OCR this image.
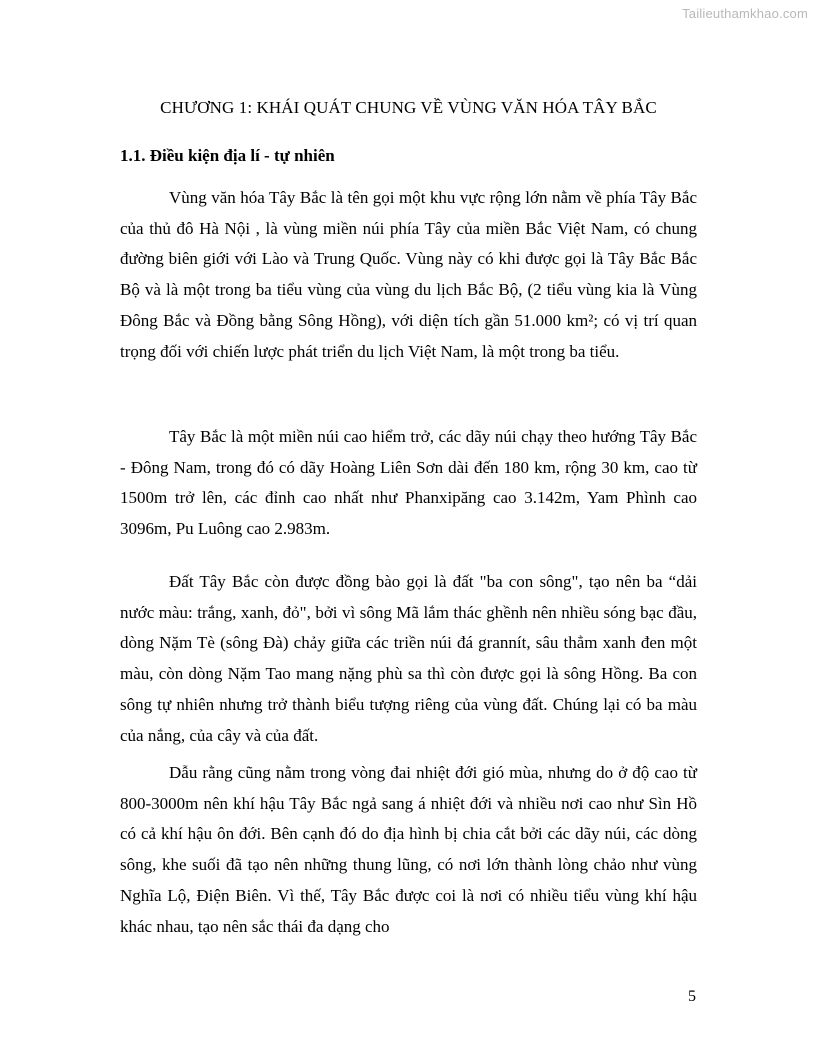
Tailieuthamkhao.com
CHƯƠNG 1: KHÁI QUÁT CHUNG VỀ VÙNG VĂN HÓA TÂY BẮC
1.1. Điều kiện địa lí - tự nhiên

Vùng văn hóa Tây Bắc là tên gọi một khu vực rộng lớn nằm về phía Tây Bắc của thủ đô Hà Nội , là vùng miền núi phía Tây của miền Bắc Việt Nam, có chung đường biên giới với Lào và Trung Quốc. Vùng này có khi được gọi là Tây Bắc Bắc Bộ và là một trong ba tiểu vùng của vùng du lịch Bắc Bộ, (2 tiểu vùng kia là Vùng Đông Bắc và Đồng bằng Sông Hồng), với diện tích gần 51.000 km²; có vị trí quan trọng đối với chiến lược phát triển du lịch Việt Nam, là một trong ba tiểu.

Tây Bắc là một miền núi cao hiểm trở, các dãy núi chạy theo hướng Tây Bắc - Đông Nam, trong đó có dãy Hoàng Liên Sơn dài đến 180 km, rộng 30 km, cao từ 1500m trở lên, các đỉnh cao nhất như Phanxipăng cao 3.142m, Yam Phình cao 3096m, Pu Luông cao 2.983m.

Đất Tây Bắc còn được đồng bào gọi là đất "ba con sông", tạo nên ba “dải nước màu: trắng, xanh, đỏ", bởi vì sông Mã lắm thác ghềnh nên nhiều sóng bạc đầu, dòng Nặm Tè (sông Đà) chảy giữa các triền núi đá grannít, sâu thẳm xanh đen một màu, còn dòng Nặm Tao mang nặng phù sa thì còn được gọi là sông Hồng. Ba con sông tự nhiên nhưng trở thành biểu tượng riêng của vùng đất. Chúng lại có ba màu của nắng, của cây và của đất.

Dẫu rằng cũng nằm trong vòng đai nhiệt đới gió mùa, nhưng do ở độ cao từ 800-3000m nên khí hậu Tây Bắc ngả sang á nhiệt đới và nhiều nơi cao như Sìn Hồ có cả khí hậu ôn đới. Bên cạnh đó do địa hình bị chia cắt bởi các dãy núi, các dòng sông, khe suối đã tạo nên những thung lũng, có nơi lớn thành lòng chảo như vùng Nghĩa Lộ, Điện Biên. Vì thế, Tây Bắc được coi là nơi có nhiều tiểu vùng khí hậu khác nhau, tạo nên sắc thái đa dạng cho

5
